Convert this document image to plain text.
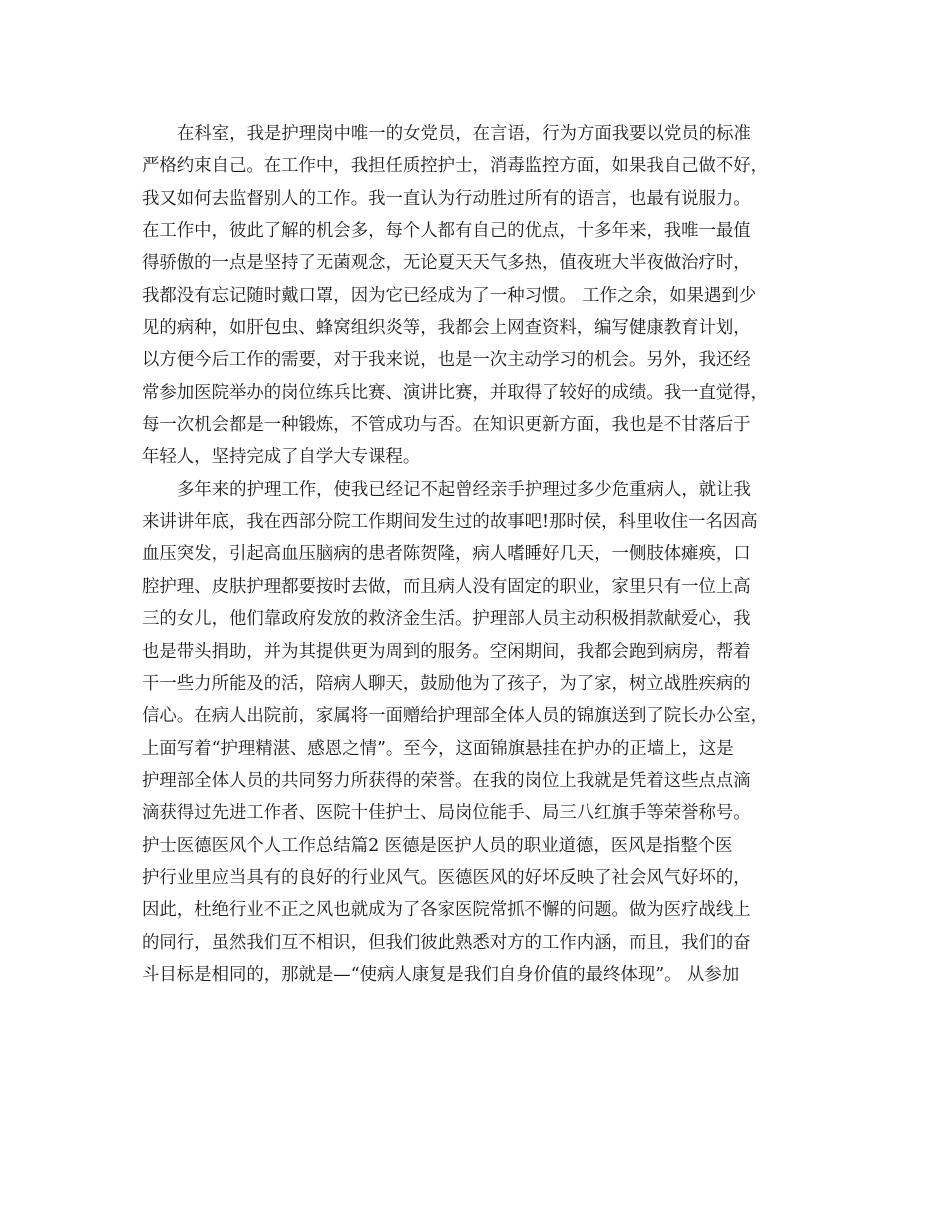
在科室，我是护理岗中唯一的女党员，在言语，行为方面我要以党员的标准
严格约束自己。在工作中，我担任质控护士，消毒监控方面，如果我自己做不好，
我又如何去监督别人的工作。我一直认为行动胜过所有的语言，也最有说服力。
在工作中，彼此了解的机会多，每个人都有自己的优点，十多年来，我唯一最值
得骄傲的一点是坚持了无菌观念，无论夏天天气多热，值夜班大半夜做治疗时，
我都没有忘记随时戴口罩，因为它已经成为了一种习惯。 工作之余，如果遇到少
见的病种，如肝包虫、蜂窝组织炎等，我都会上网查资料，编写健康教育计划，
以方便今后工作的需要，对于我来说，也是一次主动学习的机会。另外，我还经
常参加医院举办的岗位练兵比赛、演讲比赛，并取得了较好的成绩。我一直觉得，
每一次机会都是一种锻炼，不管成功与否。在知识更新方面，我也是不甘落后于
年轻人，坚持完成了自学大专课程。
多年来的护理工作，使我已经记不起曾经亲手护理过多少危重病人，就让我
来讲讲年底，我在西部分院工作期间发生过的故事吧!那时侯，科里收住一名因高
血压突发，引起高血压脑病的患者陈贺隆，病人嗜睡好几天，一侧肢体瘫痪，口
腔护理、皮肤护理都要按时去做，而且病人没有固定的职业，家里只有一位上高
三的女儿，他们靠政府发放的救济金生活。护理部人员主动积极捐款献爱心，我
也是带头捐助，并为其提供更为周到的服务。空闲期间，我都会跑到病房，帮着
干一些力所能及的活，陪病人聊天，鼓励他为了孩子，为了家，树立战胜疾病的
信心。在病人出院前，家属将一面赠给护理部全体人员的锦旗送到了院长办公室，
上面写着“护理精湛、感恩之情”。至今，这面锦旗悬挂在护办的正墙上，这是
护理部全体人员的共同努力所获得的荣誉。在我的岗位上我就是凭着这些点点滴
滴获得过先进工作者、医院十佳护士、局岗位能手、局三八红旗手等荣誉称号。
护士医德医风个人工作总结篇2 医德是医护人员的职业道德，医风是指整个医
护行业里应当具有的良好的行业风气。医德医风的好坏反映了社会风气好坏的，
因此，杜绝行业不正之风也就成为了各家医院常抓不懈的问题。做为医疗战线上
的同行，虽然我们互不相识，但我们彼此熟悉对方的工作内涵，而且，我们的奋
斗目标是相同的，那就是—“使病人康复是我们自身价值的最终体现”。 从参加
